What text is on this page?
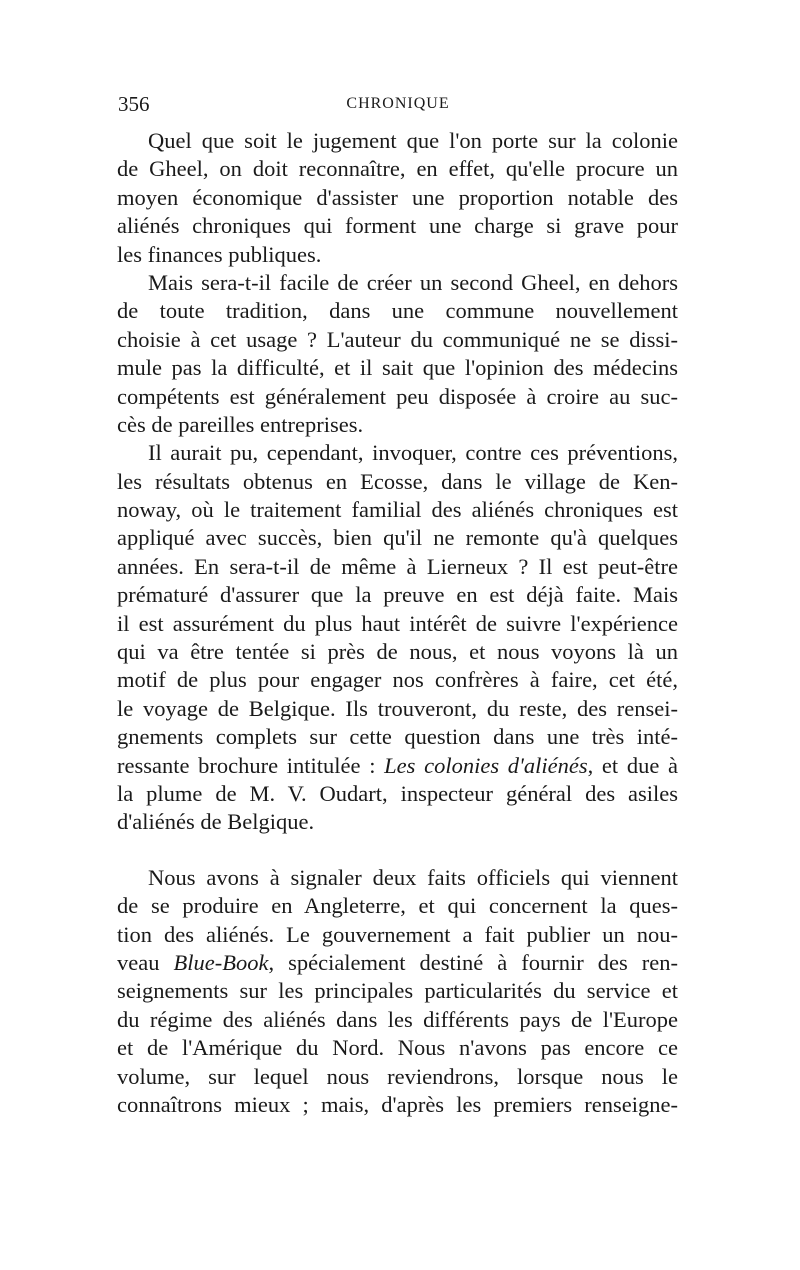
356	CHRONIQUE
Quel que soit le jugement que l'on porte sur la colonie
de Gheel, on doit reconnaître, en effet, qu'elle procure un
moyen économique d'assister une proportion notable des
aliénés chroniques qui forment une charge si grave pour
les finances publiques.
Mais sera-t-il facile de créer un second Gheel, en dehors
de toute tradition, dans une commune nouvellement
choisie à cet usage ? L'auteur du communiqué ne se dissi-
mule pas la difficulté, et il sait que l'opinion des médecins
compétents est généralement peu disposée à croire au suc-
cès de pareilles entreprises.
Il aurait pu, cependant, invoquer, contre ces préventions,
les résultats obtenus en Ecosse, dans le village de Ken-
noway, où le traitement familial des aliénés chroniques est
appliqué avec succès, bien qu'il ne remonte qu'à quelques
années. En sera-t-il de même à Lierneux ? Il est peut-être
prématuré d'assurer que la preuve en est déjà faite. Mais
il est assurément du plus haut intérêt de suivre l'expérience
qui va être tentée si près de nous, et nous voyons là un
motif de plus pour engager nos confrères à faire, cet été,
le voyage de Belgique. Ils trouveront, du reste, des rensei-
gnements complets sur cette question dans une très inté-
ressante brochure intitulée : Les colonies d'aliénés, et due à
la plume de M. V. Oudart, inspecteur général des asiles
d'aliénés de Belgique.
Nous avons à signaler deux faits officiels qui viennent
de se produire en Angleterre, et qui concernent la ques-
tion des aliénés. Le gouvernement a fait publier un nou-
veau Blue-Book, spécialement destiné à fournir des ren-
seignements sur les principales particularités du service et
du régime des aliénés dans les différents pays de l'Europe
et de l'Amérique du Nord. Nous n'avons pas encore ce
volume, sur lequel nous reviendrons, lorsque nous le
connaîtrons mieux ; mais, d'après les premiers renseigne-
